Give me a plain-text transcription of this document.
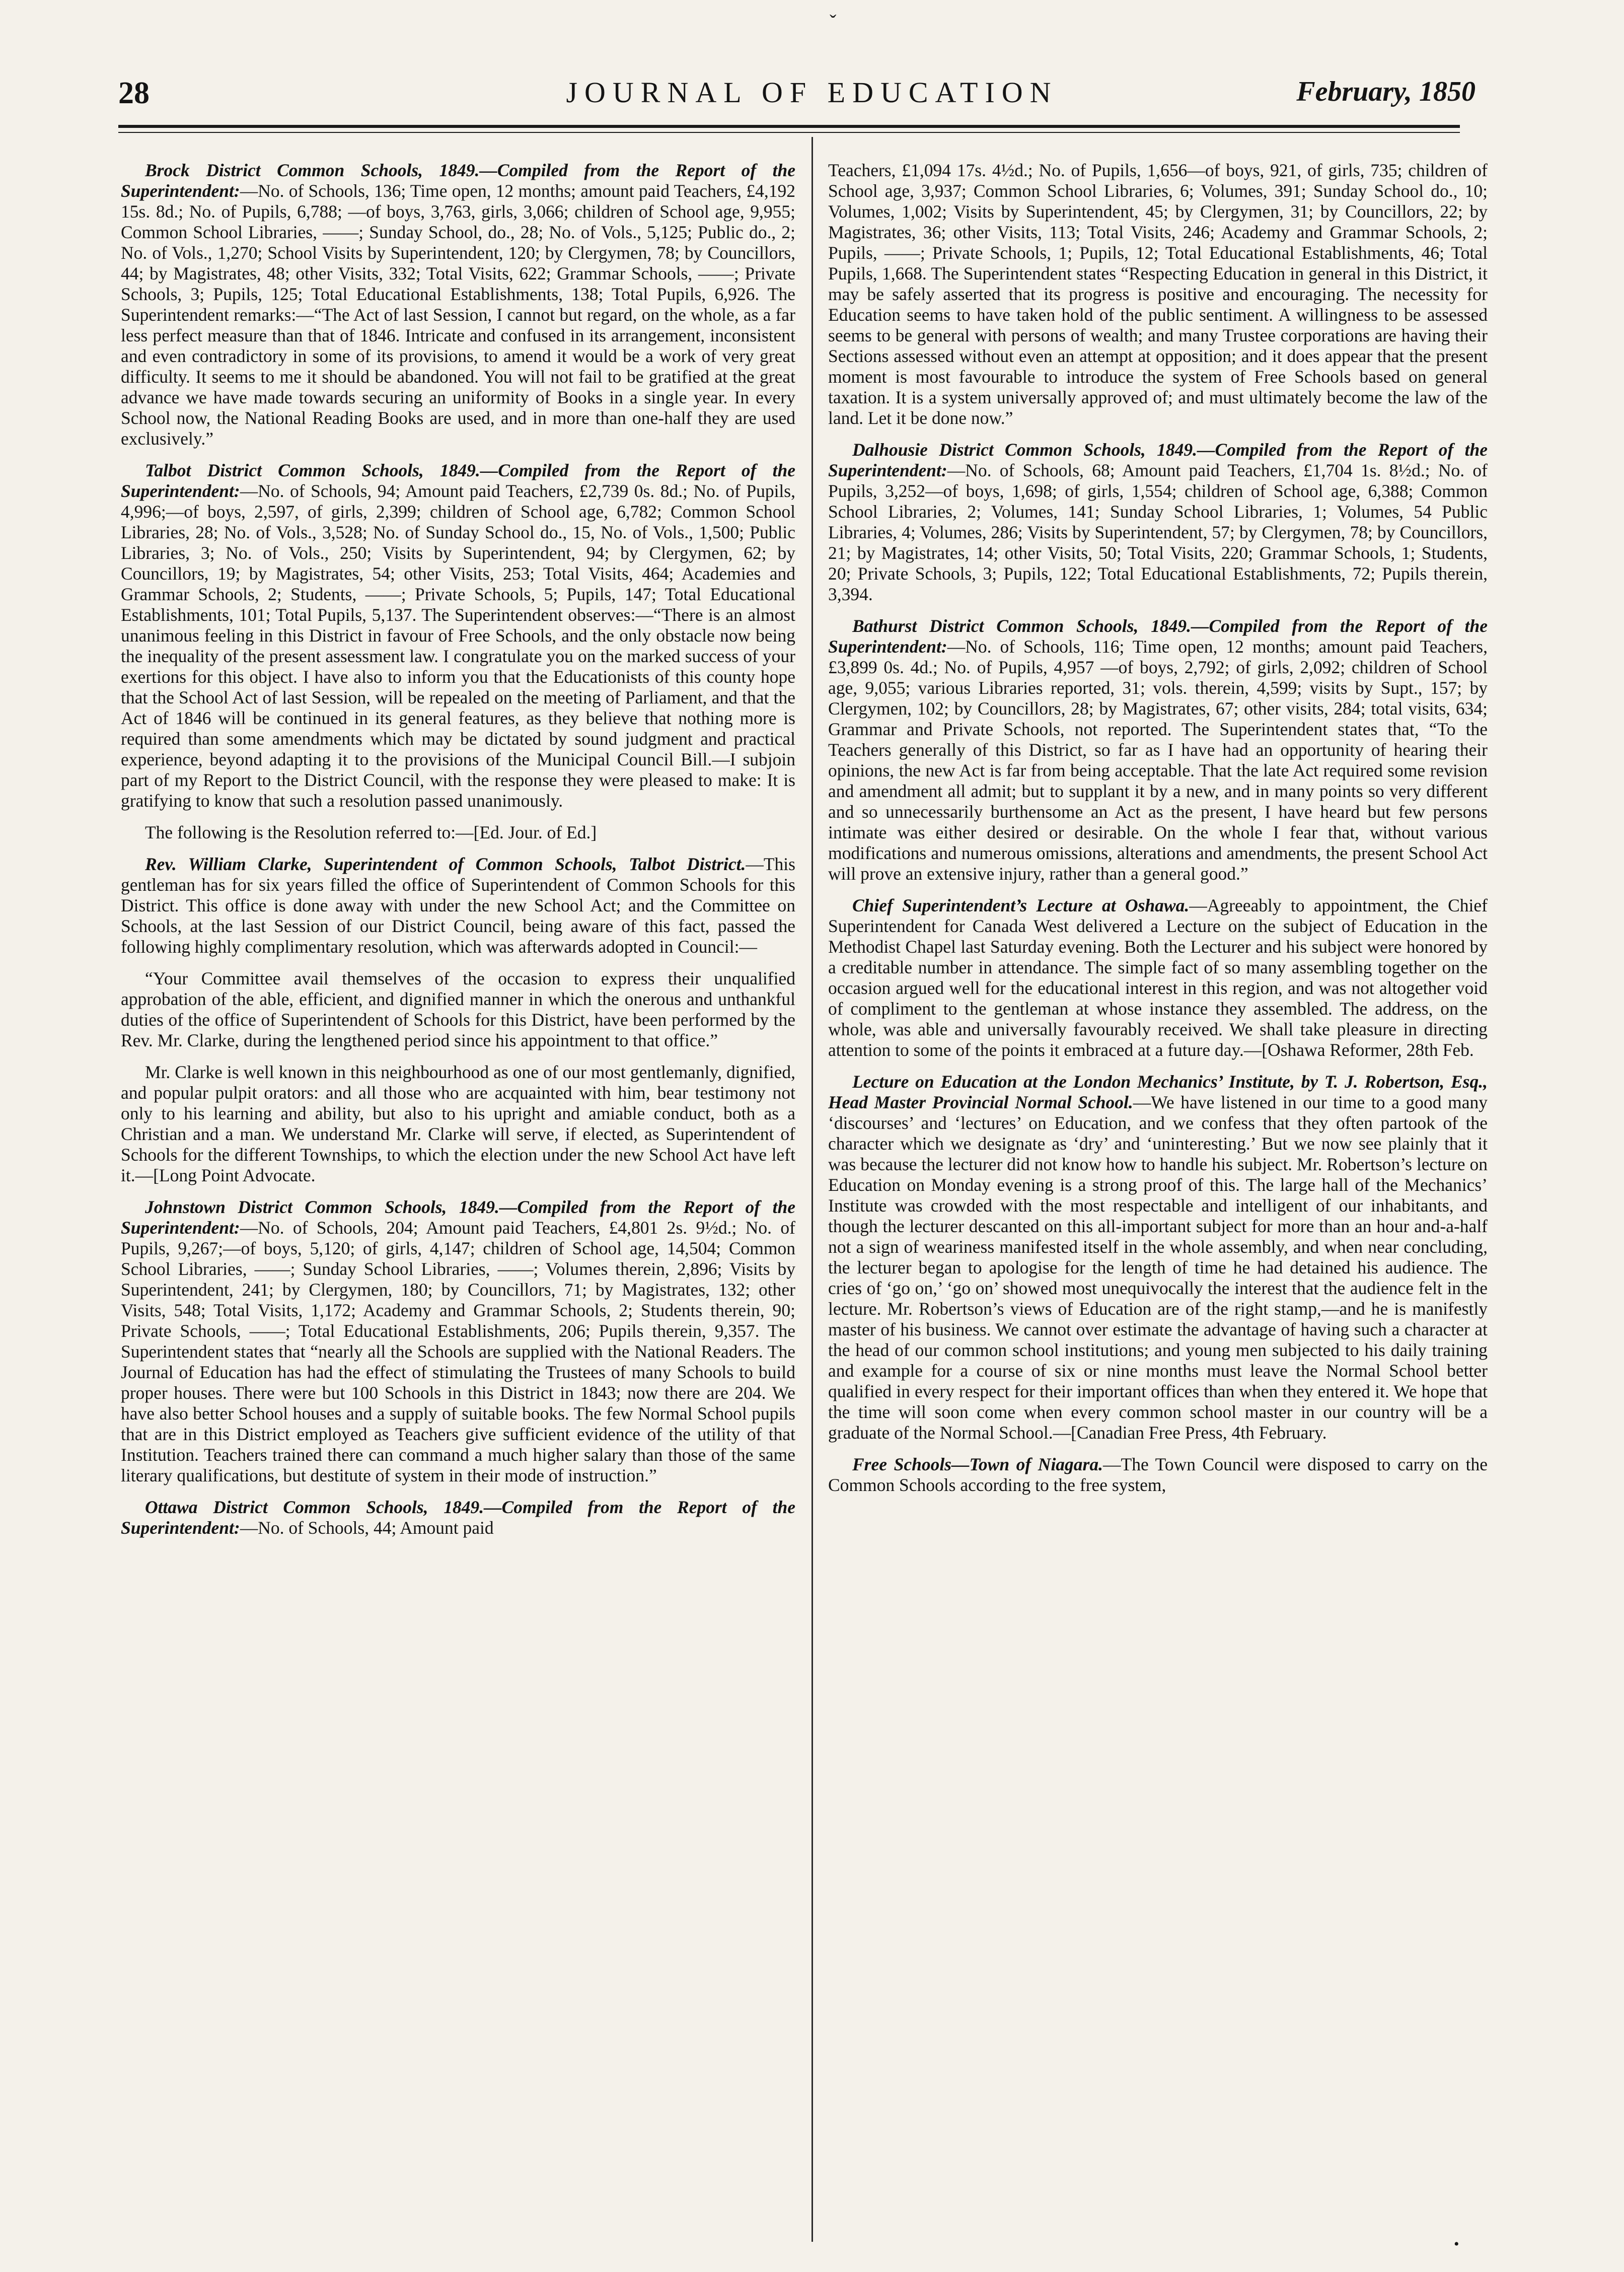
ˇ
28	JOURNAL OF EDUCATION	February, 1850

Brock District Common Schools, 1849.—Compiled from the Report of the Superintendent:—No. of Schools, 136; Time open, 12 months; amount paid Teachers, £4,192 15s. 8d.; No. of Pupils, 6,788; —of boys, 3,763, girls, 3,066; children of School age, 9,955; Common School Libraries, ——; Sunday School, do., 28; No. of Vols., 5,125; Public do., 2; No. of Vols., 1,270; School Visits by Superintendent, 120; by Clergymen, 78; by Councillors, 44; by Magistrates, 48; other Visits, 332; Total Visits, 622; Grammar Schools, ——; Private Schools, 3; Pupils, 125; Total Educational Establishments, 138; Total Pupils, 6,926. The Superintendent remarks:—“The Act of last Session, I cannot but regard, on the whole, as a far less perfect measure than that of 1846. Intricate and confused in its arrangement, inconsistent and even contradictory in some of its provisions, to amend it would be a work of very great difficulty. It seems to me it should be abandoned. You will not fail to be gratified at the great advance we have made towards securing an uniformity of Books in a single year. In every School now, the National Reading Books are used, and in more than one-half they are used exclusively.”

Talbot District Common Schools, 1849.—Compiled from the Report of the Superintendent:—No. of Schools, 94; Amount paid Teachers, £2,739 0s. 8d.; No. of Pupils, 4,996;—of boys, 2,597, of girls, 2,399; children of School age, 6,782; Common School Libraries, 28; No. of Vols., 3,528; No. of Sunday School do., 15, No. of Vols., 1,500; Public Libraries, 3; No. of Vols., 250; Visits by Superintendent, 94; by Clergymen, 62; by Councillors, 19; by Magistrates, 54; other Visits, 253; Total Visits, 464; Academies and Grammar Schools, 2; Students, ——; Private Schools, 5; Pupils, 147; Total Educational Establishments, 101; Total Pupils, 5,137. The Superintendent observes:—“There is an almost unanimous feeling in this District in favour of Free Schools, and the only obstacle now being the inequality of the present assessment law. I congratulate you on the marked success of your exertions for this object. I have also to inform you that the Educationists of this county hope that the School Act of last Session, will be repealed on the meeting of Parliament, and that the Act of 1846 will be continued in its general features, as they believe that nothing more is required than some amendments which may be dictated by sound judgment and practical experience, beyond adapting it to the provisions of the Municipal Council Bill.—I subjoin part of my Report to the District Council, with the response they were pleased to make: It is gratifying to know that such a resolution passed unanimously.

The following is the Resolution referred to:—[Ed. Jour. of Ed.]

Rev. William Clarke, Superintendent of Common Schools, Talbot District.—This gentleman has for six years filled the office of Superintendent of Common Schools for this District. This office is done away with under the new School Act; and the Committee on Schools, at the last Session of our District Council, being aware of this fact, passed the following highly complimentary resolution, which was afterwards adopted in Council:—

“Your Committee avail themselves of the occasion to express their unqualified approbation of the able, efficient, and dignified manner in which the onerous and unthankful duties of the office of Superintendent of Schools for this District, have been performed by the Rev. Mr. Clarke, during the lengthened period since his appointment to that office.”

Mr. Clarke is well known in this neighbourhood as one of our most gentlemanly, dignified, and popular pulpit orators: and all those who are acquainted with him, bear testimony not only to his learning and ability, but also to his upright and amiable conduct, both as a Christian and a man. We understand Mr. Clarke will serve, if elected, as Superintendent of Schools for the different Townships, to which the election under the new School Act have left it.—[Long Point Advocate.

Johnstown District Common Schools, 1849.—Compiled from the Report of the Superintendent:—No. of Schools, 204; Amount paid Teachers, £4,801 2s. 9½d.; No. of Pupils, 9,267;—of boys, 5,120; of girls, 4,147; children of School age, 14,504; Common School Libraries, ——; Sunday School Libraries, ——; Volumes therein, 2,896; Visits by Superintendent, 241; by Clergymen, 180; by Councillors, 71; by Magistrates, 132; other Visits, 548; Total Visits, 1,172; Academy and Grammar Schools, 2; Students therein, 90; Private Schools, ——; Total Educational Establishments, 206; Pupils therein, 9,357. The Superintendent states that “nearly all the Schools are supplied with the National Readers. The Journal of Education has had the effect of stimulating the Trustees of many Schools to build proper houses. There were but 100 Schools in this District in 1843; now there are 204. We have also better School houses and a supply of suitable books. The few Normal School pupils that are in this District employed as Teachers give sufficient evidence of the utility of that Institution. Teachers trained there can command a much higher salary than those of the same literary qualifications, but destitute of system in their mode of instruction.”

Ottawa District Common Schools, 1849.—Compiled from the Report of the Superintendent:—No. of Schools, 44; Amount paid

Teachers, £1,094 17s. 4½d.; No. of Pupils, 1,656—of boys, 921, of girls, 735; children of School age, 3,937; Common School Libraries, 6; Volumes, 391; Sunday School do., 10; Volumes, 1,002; Visits by Superintendent, 45; by Clergymen, 31; by Councillors, 22; by Magistrates, 36; other Visits, 113; Total Visits, 246; Academy and Grammar Schools, 2; Pupils, ——; Private Schools, 1; Pupils, 12; Total Educational Establishments, 46; Total Pupils, 1,668. The Superintendent states “Respecting Education in general in this District, it may be safely asserted that its progress is positive and encouraging. The necessity for Education seems to have taken hold of the public sentiment. A willingness to be assessed seems to be general with persons of wealth; and many Trustee corporations are having their Sections assessed without even an attempt at opposition; and it does appear that the present moment is most favourable to introduce the system of Free Schools based on general taxation. It is a system universally approved of; and must ultimately become the law of the land. Let it be done now.”

Dalhousie District Common Schools, 1849.—Compiled from the Report of the Superintendent:—No. of Schools, 68; Amount paid Teachers, £1,704 1s. 8½d.; No. of Pupils, 3,252—of boys, 1,698; of girls, 1,554; children of School age, 6,388; Common School Libraries, 2; Volumes, 141; Sunday School Libraries, 1; Volumes, 54 Public Libraries, 4; Volumes, 286; Visits by Superintendent, 57; by Clergymen, 78; by Councillors, 21; by Magistrates, 14; other Visits, 50; Total Visits, 220; Grammar Schools, 1; Students, 20; Private Schools, 3; Pupils, 122; Total Educational Establishments, 72; Pupils therein, 3,394.

Bathurst District Common Schools, 1849.—Compiled from the Report of the Superintendent:—No. of Schools, 116; Time open, 12 months; amount paid Teachers, £3,899 0s. 4d.; No. of Pupils, 4,957 —of boys, 2,792; of girls, 2,092; children of School age, 9,055; various Libraries reported, 31; vols. therein, 4,599; visits by Supt., 157; by Clergymen, 102; by Councillors, 28; by Magistrates, 67; other visits, 284; total visits, 634; Grammar and Private Schools, not reported. The Superintendent states that, “To the Teachers generally of this District, so far as I have had an opportunity of hearing their opinions, the new Act is far from being acceptable. That the late Act required some revision and amendment all admit; but to supplant it by a new, and in many points so very different and so unnecessarily burthensome an Act as the present, I have heard but few persons intimate was either desired or desirable. On the whole I fear that, without various modifications and numerous omissions, alterations and amendments, the present School Act will prove an extensive injury, rather than a general good.”

Chief Superintendent’s Lecture at Oshawa.—Agreeably to appointment, the Chief Superintendent for Canada West delivered a Lecture on the subject of Education in the Methodist Chapel last Saturday evening. Both the Lecturer and his subject were honored by a creditable number in attendance. The simple fact of so many assembling together on the occasion argued well for the educational interest in this region, and was not altogether void of compliment to the gentleman at whose instance they assembled. The address, on the whole, was able and universally favourably received. We shall take pleasure in directing attention to some of the points it embraced at a future day.—[Oshawa Reformer, 28th Feb.

Lecture on Education at the London Mechanics’ Institute, by T. J. Robertson, Esq., Head Master Provincial Normal School.—We have listened in our time to a good many ‘discourses’ and ‘lectures’ on Education, and we confess that they often partook of the character which we designate as ‘dry’ and ‘uninteresting.’ But we now see plainly that it was because the lecturer did not know how to handle his subject. Mr. Robertson’s lecture on Education on Monday evening is a strong proof of this. The large hall of the Mechanics’ Institute was crowded with the most respectable and intelligent of our inhabitants, and though the lecturer descanted on this all-important subject for more than an hour and-a-half not a sign of weariness manifested itself in the whole assembly, and when near concluding, the lecturer began to apologise for the length of time he had detained his audience. The cries of ‘go on,’ ‘go on’ showed most unequivocally the interest that the audience felt in the lecture. Mr. Robertson’s views of Education are of the right stamp,—and he is manifestly master of his business. We cannot over estimate the advantage of having such a character at the head of our common school institutions; and young men subjected to his daily training and example for a course of six or nine months must leave the Normal School better qualified in every respect for their important offices than when they entered it. We hope that the time will soon come when every common school master in our country will be a graduate of the Normal School.—[Canadian Free Press, 4th February.

Free Schools—Town of Niagara.—The Town Council were disposed to carry on the Common Schools according to the free system,

•
